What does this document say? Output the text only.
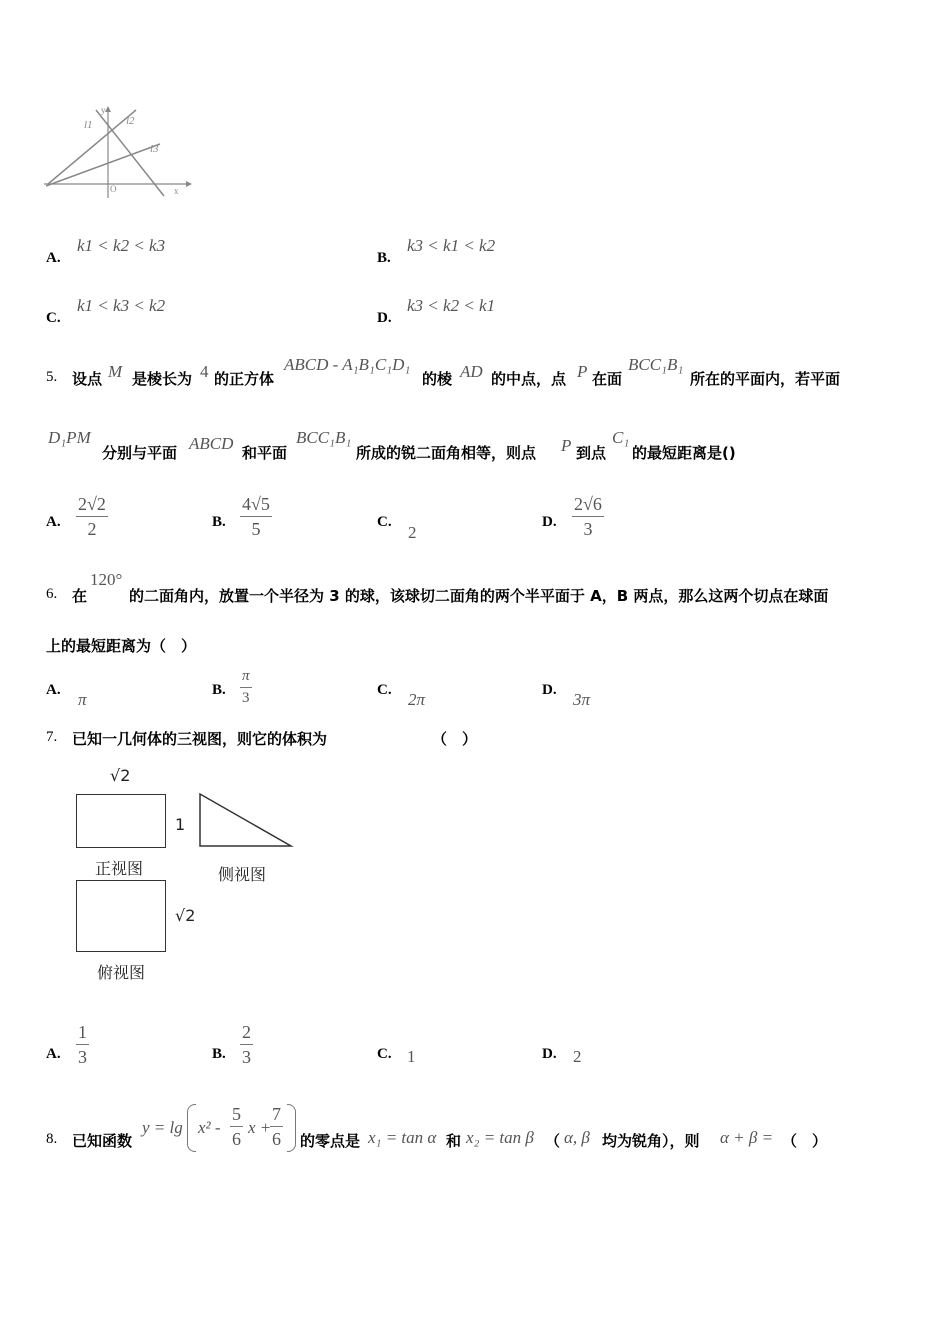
y
l1	l2
l3
O	x
A.
k1 < k2 < k3
B.
k3 < k1 < k2
C.
k1 < k3 < k2
D.
k3 < k2 < k1
5. 设点 M 是棱长为 4 的正方体
ABCD - A₁B₁C₁D₁
的棱 AD 的中点，点 P 在面
BCC₁B₁
所在的平面内，若平面
D₁PM
分别与平面 ABCD 和平面
BCC₁B₁
所成的锐二面角相等，则点 P 到点
C₁
的最短距离是()
A. $\frac{2√2}{2}$	B. $\frac{4√5}{5}$	C.
2
D. $\frac{2√6}{3}$
6. 在
120°
的二面角内，放置一个半径为 3 的球，该球切二面角的两个半平面于 A，B 两点，那么这两个切点在球面
上的最短距离为（　）
A. π	B. $\frac{\pi}{3}$	C. 2π	D. 3π
7. 已知一几何体的三视图，则它的体积为	（　）
√2
1
正视图	侧视图
√2
俯视图
A. $\frac{1}{3}$	B. $\frac{2}{3}$	C. 1	D. 2
8. 已知函数
$y = \lg x^2 - \frac{5}{6}$ x +
$\frac{7}{6}$ 的零点是 x₁ = tan α 和 x₂ = tan β （ α, β 均为锐角），则 α + β = （　）
